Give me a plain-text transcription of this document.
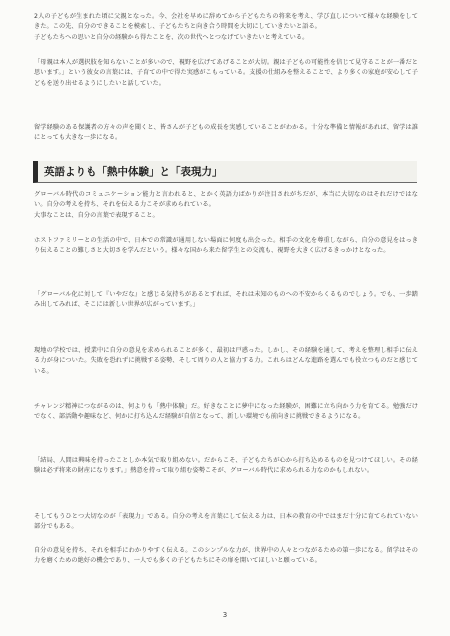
2人の子どもが生まれた頃に父親となった。今、会社を早めに辞めてから子どもたちの将来を考え、学び直しについて様々な経験をしてきた。この先、自分のできることを模索し、子どもたちと向き合う時間を大切にしていきたいと語る。
子どもたちへの思いと自分の経験から得たことを、次の世代へとつなげていきたいと考えている。
「母親は本人が選択肢を知らないことが多いので、視野を広げてあげることが大切。親は子どもの可能性を信じて見守ることが一番だと思います。」という彼女の言葉には、子育ての中で得た実感がこもっている。支援の仕組みを整えることで、より多くの家庭が安心して子どもを送り出せるようにしたいと話していた。
留学経験のある保護者の方々の声を聞くと、皆さんが子どもの成長を実感していることがわかる。十分な準備と情報があれば、留学は誰にとっても大きな一歩になる。
英語よりも「熱中体験」と「表現力」
グローバル時代のコミュニケーション能力と言われると、とかく英語力ばかりが注目されがちだが、本当に大切なのはそれだけではない。自分の考えを持ち、それを伝える力こそが求められている。
大事なことは、自分の言葉で表現すること。
ホストファミリーとの生活の中で、日本での常識が通用しない場面に何度も出会った。相手の文化を尊重しながら、自分の意見をはっきり伝えることの難しさと大切さを学んだという。様々な国から来た留学生との交流も、視野を大きく広げるきっかけとなった。
「グローバル化に対して『いやだな』と感じる気持ちがあるとすれば、それは未知のものへの不安からくるものでしょう。でも、一歩踏み出してみれば、そこには新しい世界が広がっています。」
現地の学校では、授業中に自分の意見を求められることが多く、最初は戸惑った。しかし、その経験を通して、考えを整理し相手に伝える力が身についた。失敗を恐れずに挑戦する姿勢、そして周りの人と協力する力。これらはどんな進路を選んでも役立つものだと感じている。
チャレンジ精神につながるのは、何よりも「熱中体験」だ。好きなことに夢中になった経験が、困難に立ち向かう力を育てる。勉強だけでなく、部活動や趣味など、何かに打ち込んだ経験が自信となって、新しい環境でも前向きに挑戦できるようになる。
「結局、人間は興味を持ったことしか本気で取り組めない。だからこそ、子どもたちが心から打ち込めるものを見つけてほしい。その経験は必ず将来の財産になります。」熱意を持って取り組む姿勢こそが、グローバル時代に求められる力なのかもしれない。
そしてもうひとつ大切なのが「表現力」である。自分の考えを言葉にして伝える力は、日本の教育の中ではまだ十分に育てられていない部分でもある。
自分の意見を持ち、それを相手にわかりやすく伝える。このシンプルな力が、世界中の人々とつながるための第一歩になる。留学はその力を磨くための絶好の機会であり、一人でも多くの子どもたちにその扉を開いてほしいと願っている。
3
